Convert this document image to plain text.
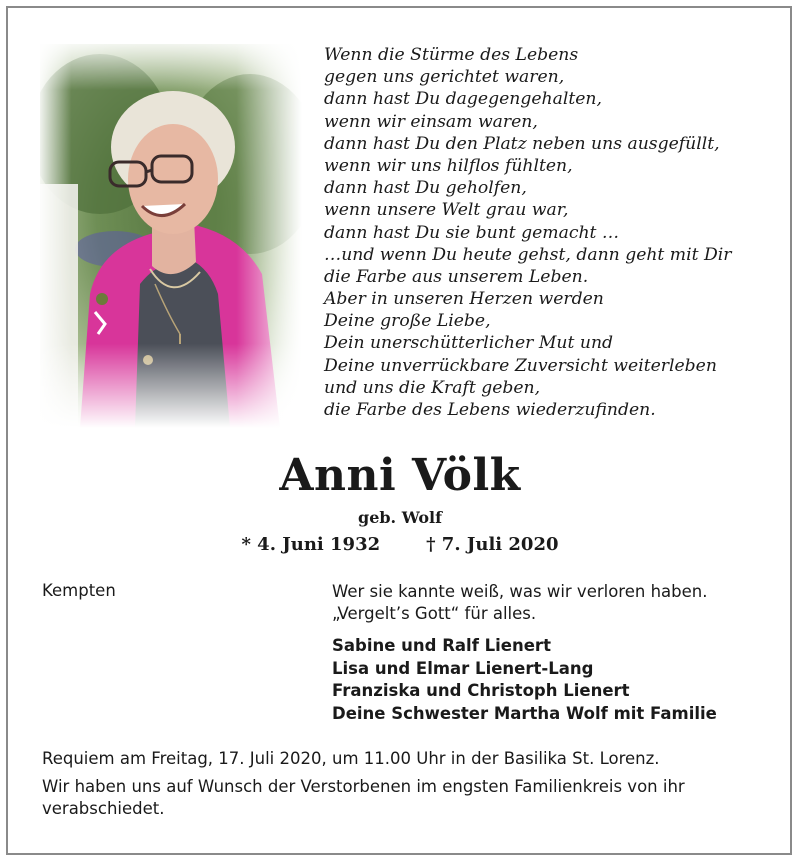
Wenn die Stürme des Lebens
gegen uns gerichtet waren,
dann hast Du dagegengehalten,
wenn wir einsam waren,
dann hast Du den Platz neben uns ausgefüllt,
wenn wir uns hilflos fühlten,
dann hast Du geholfen,
wenn unsere Welt grau war,
dann hast Du sie bunt gemacht …
…und wenn Du heute gehst, dann geht mit Dir
die Farbe aus unserem Leben.
Aber in unseren Herzen werden
Deine große Liebe,
Dein unerschütterlicher Mut und
Deine unverrückbare Zuversicht weiterleben
und uns die Kraft geben,
die Farbe des Lebens wiederzufinden.
Anni Völk
geb. Wolf
* 4. Juni 1932	† 7. Juli 2020
Kempten	Wer sie kannte weiß, was wir verloren haben.
„Vergelt’s Gott“ für alles.
Sabine und Ralf Lienert
Lisa und Elmar Lienert-Lang
Franziska und Christoph Lienert
Deine Schwester Martha Wolf mit Familie

Requiem am Freitag, 17. Juli 2020, um 11.00 Uhr in der Basilika St. Lorenz.

Wir haben uns auf Wunsch der Verstorbenen im engsten Familienkreis von ihr verabschiedet.
